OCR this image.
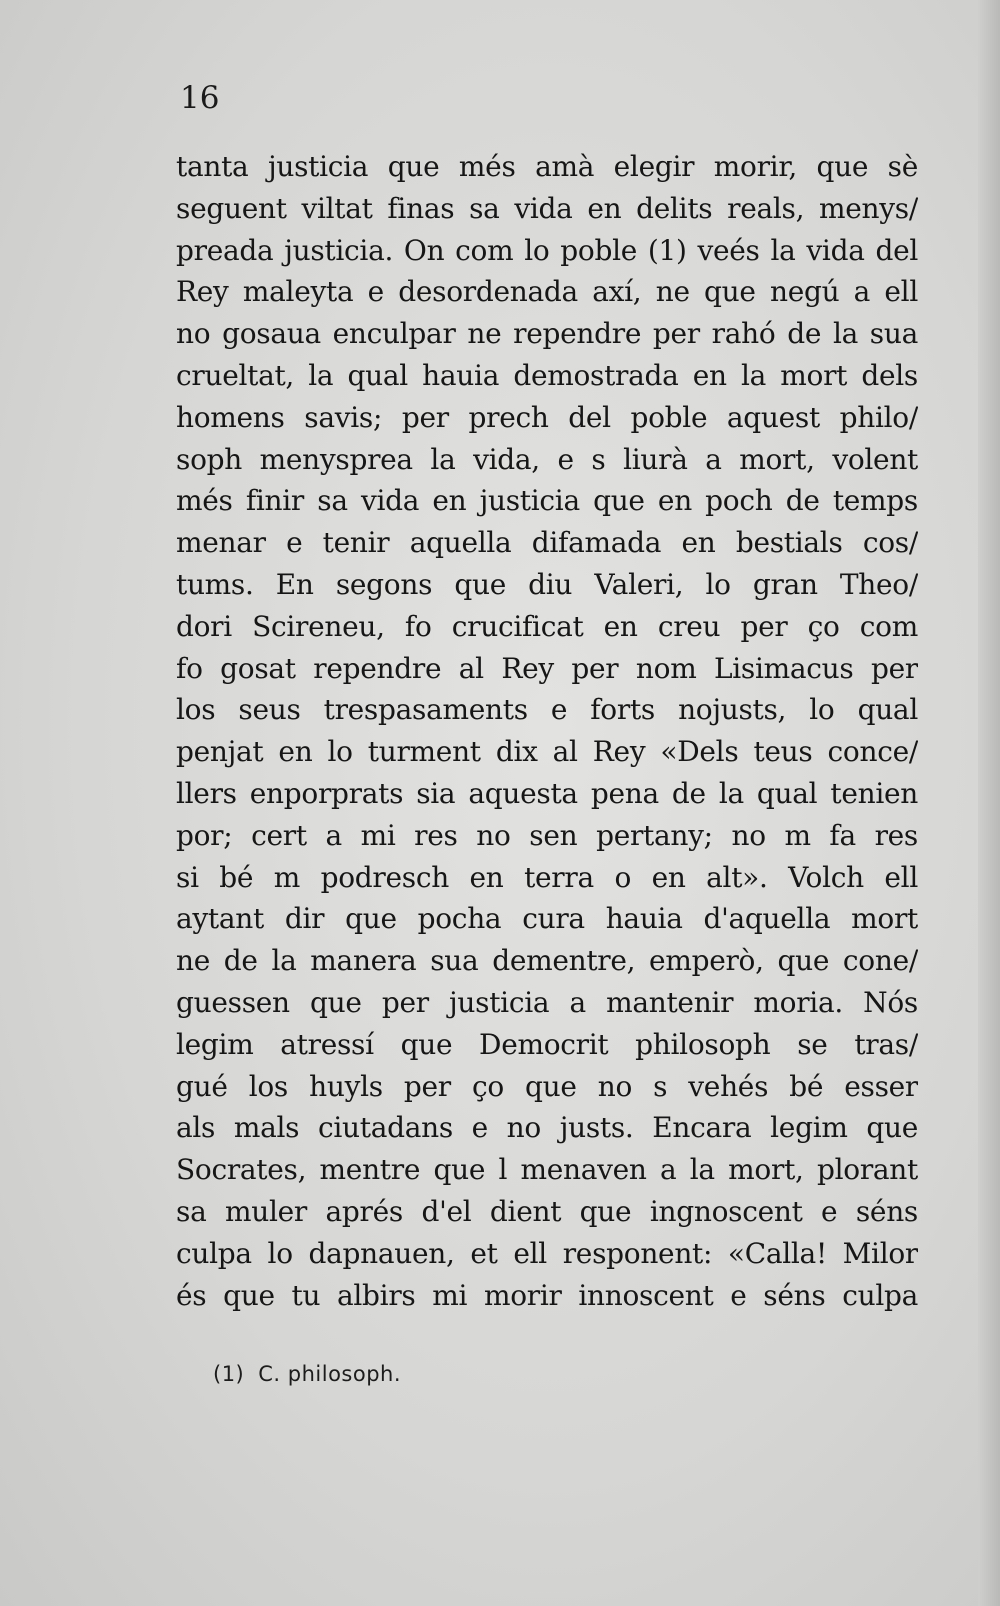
16
tanta justicia que més amà elegir morir, que sè
seguent viltat finas sa vida en delits reals, menys/
preada justicia. On com lo poble (1) veés la vida del
Rey maleyta e desordenada axí, ne que negú a ell
no gosaua enculpar ne rependre per rahó de la sua
crueltat, la qual hauia demostrada en la mort dels
homens savis; per prech del poble aquest philo/
soph menysprea la vida, e s liurà a mort, volent
més finir sa vida en justicia que en poch de temps
menar e tenir aquella difamada en bestials cos/
tums. En segons que diu Valeri, lo gran Theo/
dori Scireneu, fo crucificat en creu per ço com
fo gosat rependre al Rey per nom Lisimacus per
los seus trespasaments e forts nojusts, lo qual
penjat en lo turment dix al Rey «Dels teus conce/
llers enporprats sia aquesta pena de la qual tenien
por; cert a mi res no sen pertany; no m fa res
si bé m podresch en terra o en alt». Volch ell
aytant dir que pocha cura hauia d'aquella mort
ne de la manera sua dementre, emperò, que cone/
guessen que per justicia a mantenir moria. Nós
legim atressí que Democrit philosoph se tras/
gué los huyls per ço que no s vehés bé esser
als mals ciutadans e no justs. Encara legim que
Socrates, mentre que l menaven a la mort, plorant
sa muler aprés d'el dient que ingnoscent e séns
culpa lo dapnauen, et ell responent: «Calla! Milor
és que tu albirs mi morir innoscent e séns culpa
(1) C. philosoph.
